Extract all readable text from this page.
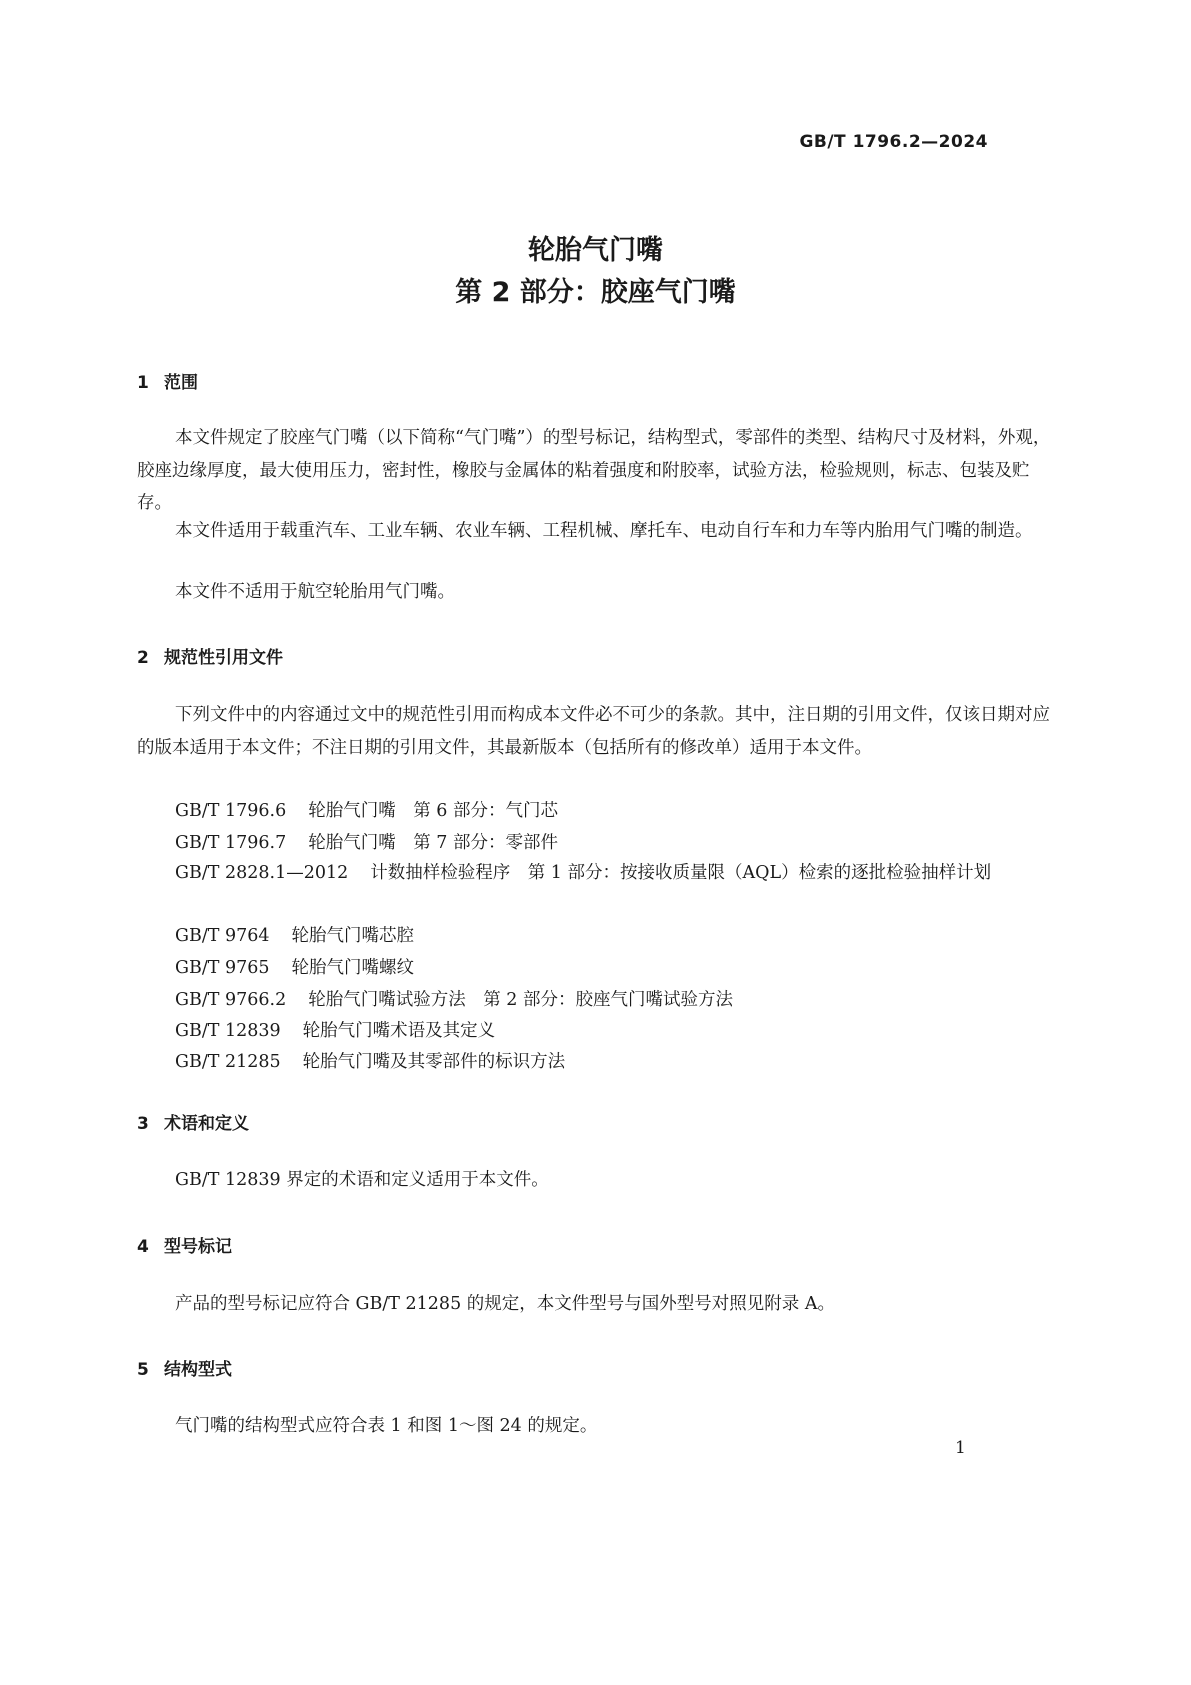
GB/T 1796.2—2024
轮胎气门嘴
第 2 部分：胶座气门嘴
1 范围
本文件规定了胶座气门嘴（以下简称“气门嘴”）的型号标记，结构型式，零部件的类型、结构尺寸及材料，外观，胶座边缘厚度，最大使用压力，密封性，橡胶与金属体的粘着强度和附胶率，试验方法，检验规则，标志、包装及贮存。
本文件适用于载重汽车、工业车辆、农业车辆、工程机械、摩托车、电动自行车和力车等内胎用气门嘴的制造。
本文件不适用于航空轮胎用气门嘴。
2 规范性引用文件
下列文件中的内容通过文中的规范性引用而构成本文件必不可少的条款。其中，注日期的引用文件，仅该日期对应的版本适用于本文件；不注日期的引用文件，其最新版本（包括所有的修改单）适用于本文件。
GB/T 1796.6 轮胎气门嘴　第 6 部分：气门芯
GB/T 1796.7 轮胎气门嘴　第 7 部分：零部件
GB/T 2828.1—2012 计数抽样检验程序　第 1 部分：按接收质量限（AQL）检索的逐批检验抽样计划
GB/T 9764 轮胎气门嘴芯腔
GB/T 9765 轮胎气门嘴螺纹
GB/T 9766.2 轮胎气门嘴试验方法　第 2 部分：胶座气门嘴试验方法
GB/T 12839 轮胎气门嘴术语及其定义
GB/T 21285 轮胎气门嘴及其零部件的标识方法
3 术语和定义
GB/T 12839 界定的术语和定义适用于本文件。
4 型号标记
产品的型号标记应符合 GB/T 21285 的规定，本文件型号与国外型号对照见附录 A。
5 结构型式
气门嘴的结构型式应符合表 1 和图 1～图 24 的规定。
1
